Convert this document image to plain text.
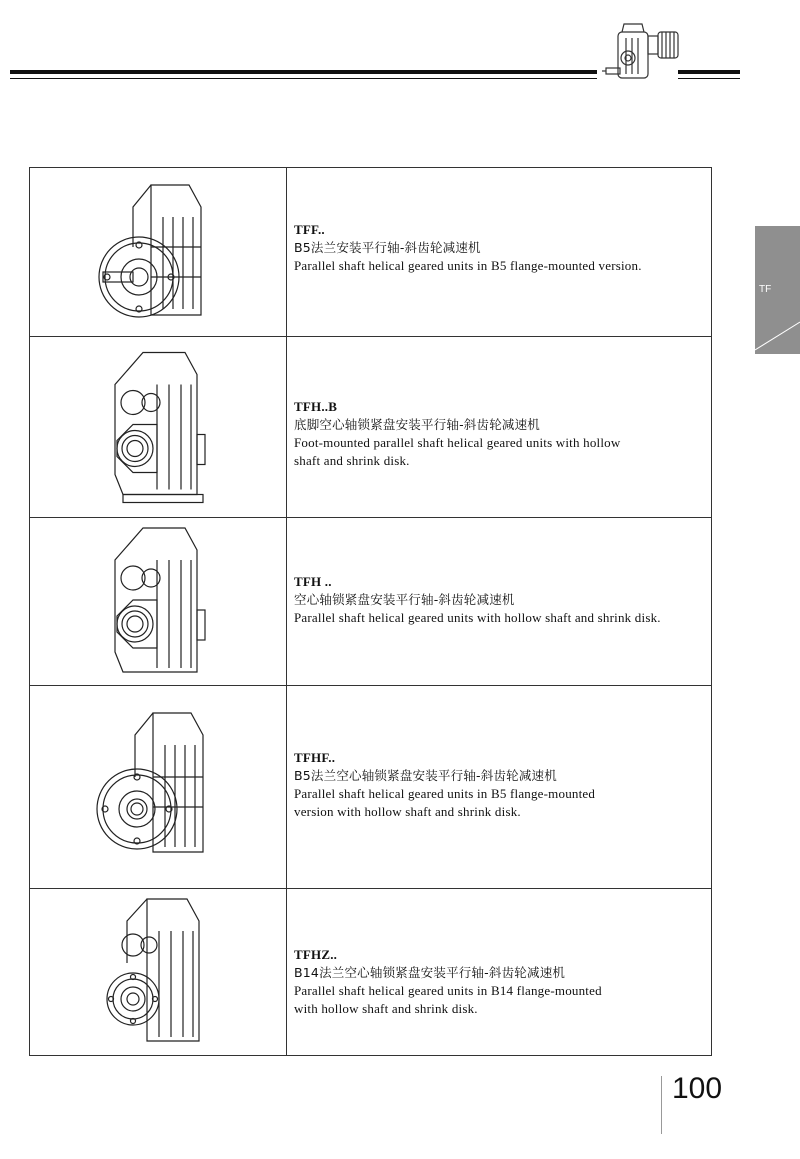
TF
TFF..
B5法兰安装平行轴-斜齿轮减速机
Parallel shaft helical geared units in B5 flange-mounted version.
TFH..B
底脚空心轴锁紧盘安装平行轴-斜齿轮减速机
Foot-mounted parallel shaft helical geared units with hollow
shaft and shrink disk.
TFH ..
空心轴锁紧盘安装平行轴-斜齿轮减速机
Parallel shaft helical geared units with hollow shaft and shrink disk.
TFHF..
B5法兰空心轴锁紧盘安装平行轴-斜齿轮减速机
Parallel shaft helical geared units in B5 flange-mounted
version with hollow shaft and shrink disk.
TFHZ..
B14法兰空心轴锁紧盘安装平行轴-斜齿轮减速机
Parallel shaft helical geared units in B14 flange-mounted
with hollow shaft and shrink disk.
100
